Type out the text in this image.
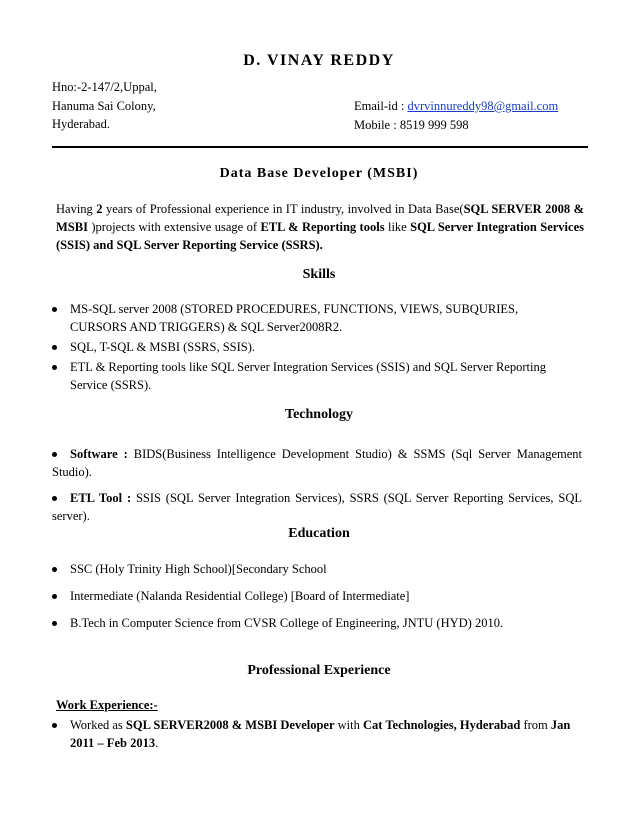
D. VINAY REDDY
Hno:-2-147/2,Uppal,
Hanuma Sai Colony,
Hyderabad.
Email-id : dvrvinnureddy98@gmail.com
Mobile : 8519 999 598
Data Base Developer (MSBI)
Having 2 years of Professional experience in IT industry, involved in Data Base(SQL SERVER 2008 & MSBI )projects with extensive usage of ETL & Reporting tools like SQL Server Integration Services (SSIS) and SQL Server Reporting Service (SSRS).
Skills
MS-SQL server 2008 (STORED PROCEDURES, FUNCTIONS, VIEWS, SUBQURIES, CURSORS AND TRIGGERS) & SQL Server2008R2.
SQL, T-SQL & MSBI (SSRS, SSIS).
ETL & Reporting tools like SQL Server Integration Services (SSIS) and SQL Server Reporting Service (SSRS).
Technology
Software : BIDS(Business Intelligence Development Studio) & SSMS (Sql Server Management Studio).
ETL Tool : SSIS (SQL Server Integration Services), SSRS (SQL Server Reporting Services, SQL server).
Education
SSC (Holy Trinity High School)[Secondary School
Intermediate (Nalanda Residential College) [Board of Intermediate]
B.Tech in Computer Science from CVSR College of Engineering, JNTU (HYD) 2010.
Professional Experience
Work Experience:-
Worked as SQL SERVER2008 & MSBI Developer with Cat Technologies, Hyderabad from Jan 2011 – Feb 2013.
